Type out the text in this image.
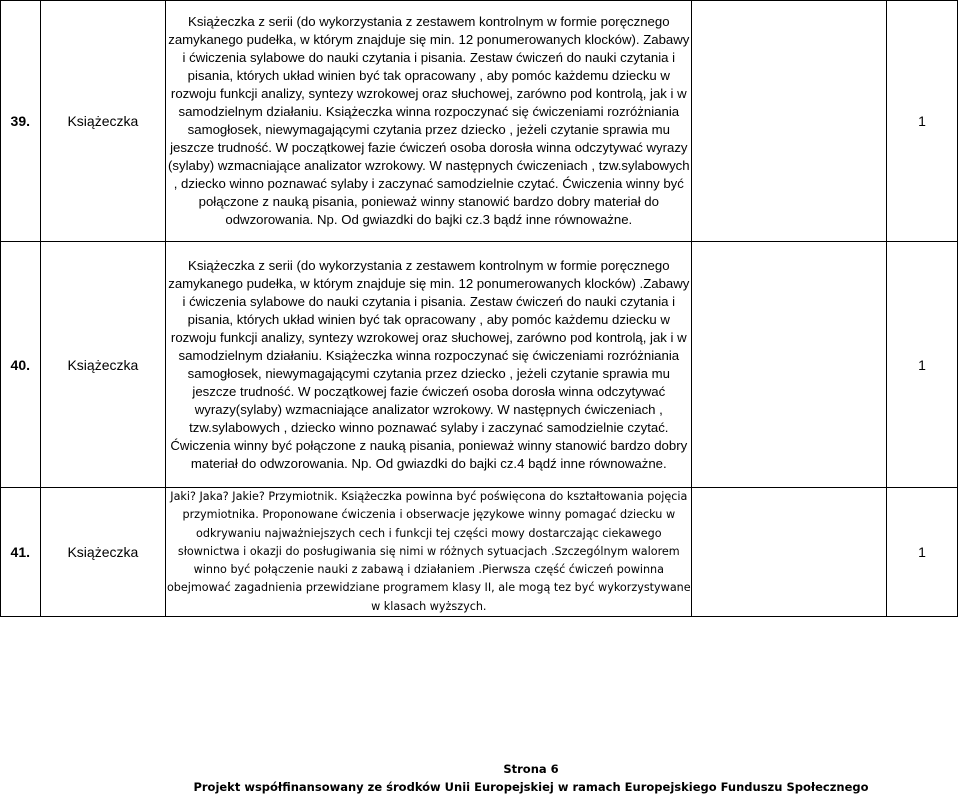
39.	Książeczka	Książeczka z serii (do wykorzystania z zestawem kontrolnym w formie poręcznego zamykanego pudełka, w którym znajduje się min. 12 ponumerowanych klocków). Zabawy i ćwiczenia sylabowe do nauki czytania i pisania. Zestaw ćwiczeń do nauki czytania i pisania, których układ winien być tak opracowany , aby pomóc każdemu dziecku w rozwoju funkcji analizy, syntezy wzrokowej oraz słuchowej, zarówno pod kontrolą, jak i w samodzielnym działaniu. Książeczka winna rozpoczynać się ćwiczeniami rozróżniania samogłosek, niewymagającymi czytania przez dziecko , jeżeli czytanie sprawia mu jeszcze trudność. W początkowej fazie ćwiczeń osoba dorosła winna odczytywać wyrazy (sylaby) wzmacniające analizator wzrokowy. W następnych ćwiczeniach , tzw.sylabowych , dziecko winno poznawać sylaby i zaczynać samodzielnie czytać. Ćwiczenia winny być połączone z nauką pisania, ponieważ winny stanowić bardzo dobry materiał do odwzorowania. Np. Od gwiazdki do bajki cz.3 bądź inne równoważne.		1
40.	Książeczka	Książeczka z serii (do wykorzystania z zestawem kontrolnym w formie poręcznego zamykanego pudełka, w którym znajduje się min. 12 ponumerowanych klocków) .Zabawy i ćwiczenia sylabowe do nauki czytania i pisania. Zestaw ćwiczeń do nauki czytania i pisania, których układ winien być tak opracowany , aby pomóc każdemu dziecku w rozwoju funkcji analizy, syntezy wzrokowej oraz słuchowej, zarówno pod kontrolą, jak i w samodzielnym działaniu. Książeczka winna rozpoczynać się ćwiczeniami rozróżniania samogłosek, niewymagającymi czytania przez dziecko , jeżeli czytanie sprawia mu jeszcze trudność. W początkowej fazie ćwiczeń osoba dorosła winna odczytywać wyrazy(sylaby) wzmacniające analizator wzrokowy. W następnych ćwiczeniach , tzw.sylabowych , dziecko winno poznawać sylaby i zaczynać samodzielnie czytać. Ćwiczenia winny być połączone z nauką pisania, ponieważ winny stanowić bardzo dobry materiał do odwzorowania. Np. Od gwiazdki do bajki cz.4 bądź inne równoważne.		1
41.	Książeczka	Jaki? Jaka? Jakie? Przymiotnik. Książeczka powinna być poświęcona do kształtowania pojęcia przymiotnika. Proponowane ćwiczenia i obserwacje językowe winny pomagać dziecku w odkrywaniu najważniejszych cech i funkcji tej części mowy dostarczając ciekawego słownictwa i okazji do posługiwania się nimi w różnych sytuacjach .Szczególnym walorem winno być połączenie nauki z zabawą i działaniem .Pierwsza część ćwiczeń powinna obejmować zagadnienia przewidziane programem klasy II, ale mogą tez być wykorzystywane w klasach wyższych.		1
Strona 6
Projekt współfinansowany ze środków Unii Europejskiej w ramach Europejskiego Funduszu Społecznego
